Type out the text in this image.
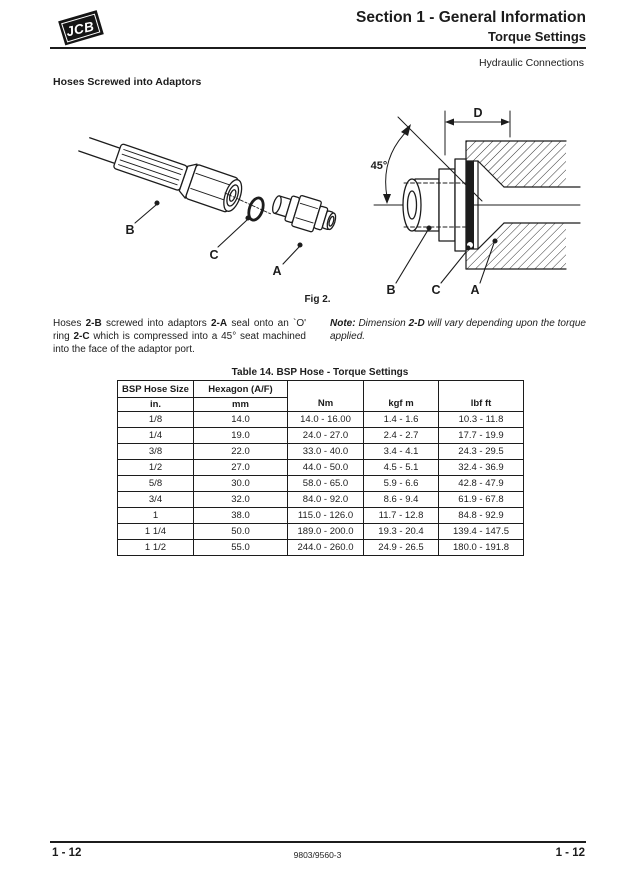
JCB
Section 1 - General Information
Torque Settings
Hydraulic Connections
Hoses Screwed into Adaptors
B
C
A
45°
D
B	C A
Fig 2.

Hoses 2-B screwed into adaptors 2-A seal onto an `O' ring 2-C which is compressed into a 45° seat machined into the face of the adaptor port.

Note: Dimension 2-D will vary depending upon the torque applied.

Table 14. BSP Hose - Torque Settings
BSP Hose Size	Hexagon (A/F)	Nm	kgf m	lbf ft
in.	mm			
1/8	14.0	14.0 - 16.00	1.4 - 1.6	10.3 - 11.8
1/4	19.0	24.0 - 27.0	2.4 - 2.7	17.7 - 19.9
3/8	22.0	33.0 - 40.0	3.4 - 4.1	24.3 - 29.5
1/2	27.0	44.0 - 50.0	4.5 - 5.1	32.4 - 36.9
5/8	30.0	58.0 - 65.0	5.9 - 6.6	42.8 - 47.9
3/4	32.0	84.0 - 92.0	8.6 - 9.4	61.9 - 67.8
1	38.0	115.0 - 126.0	11.7 - 12.8	84.8 - 92.9
1 1/4	50.0	189.0 - 200.0	19.3 - 20.4	139.4 - 147.5
1 1/2	55.0	244.0 - 260.0	24.9 - 26.5	180.0 - 191.8
1 - 12	9803/9560-3	1 - 12
